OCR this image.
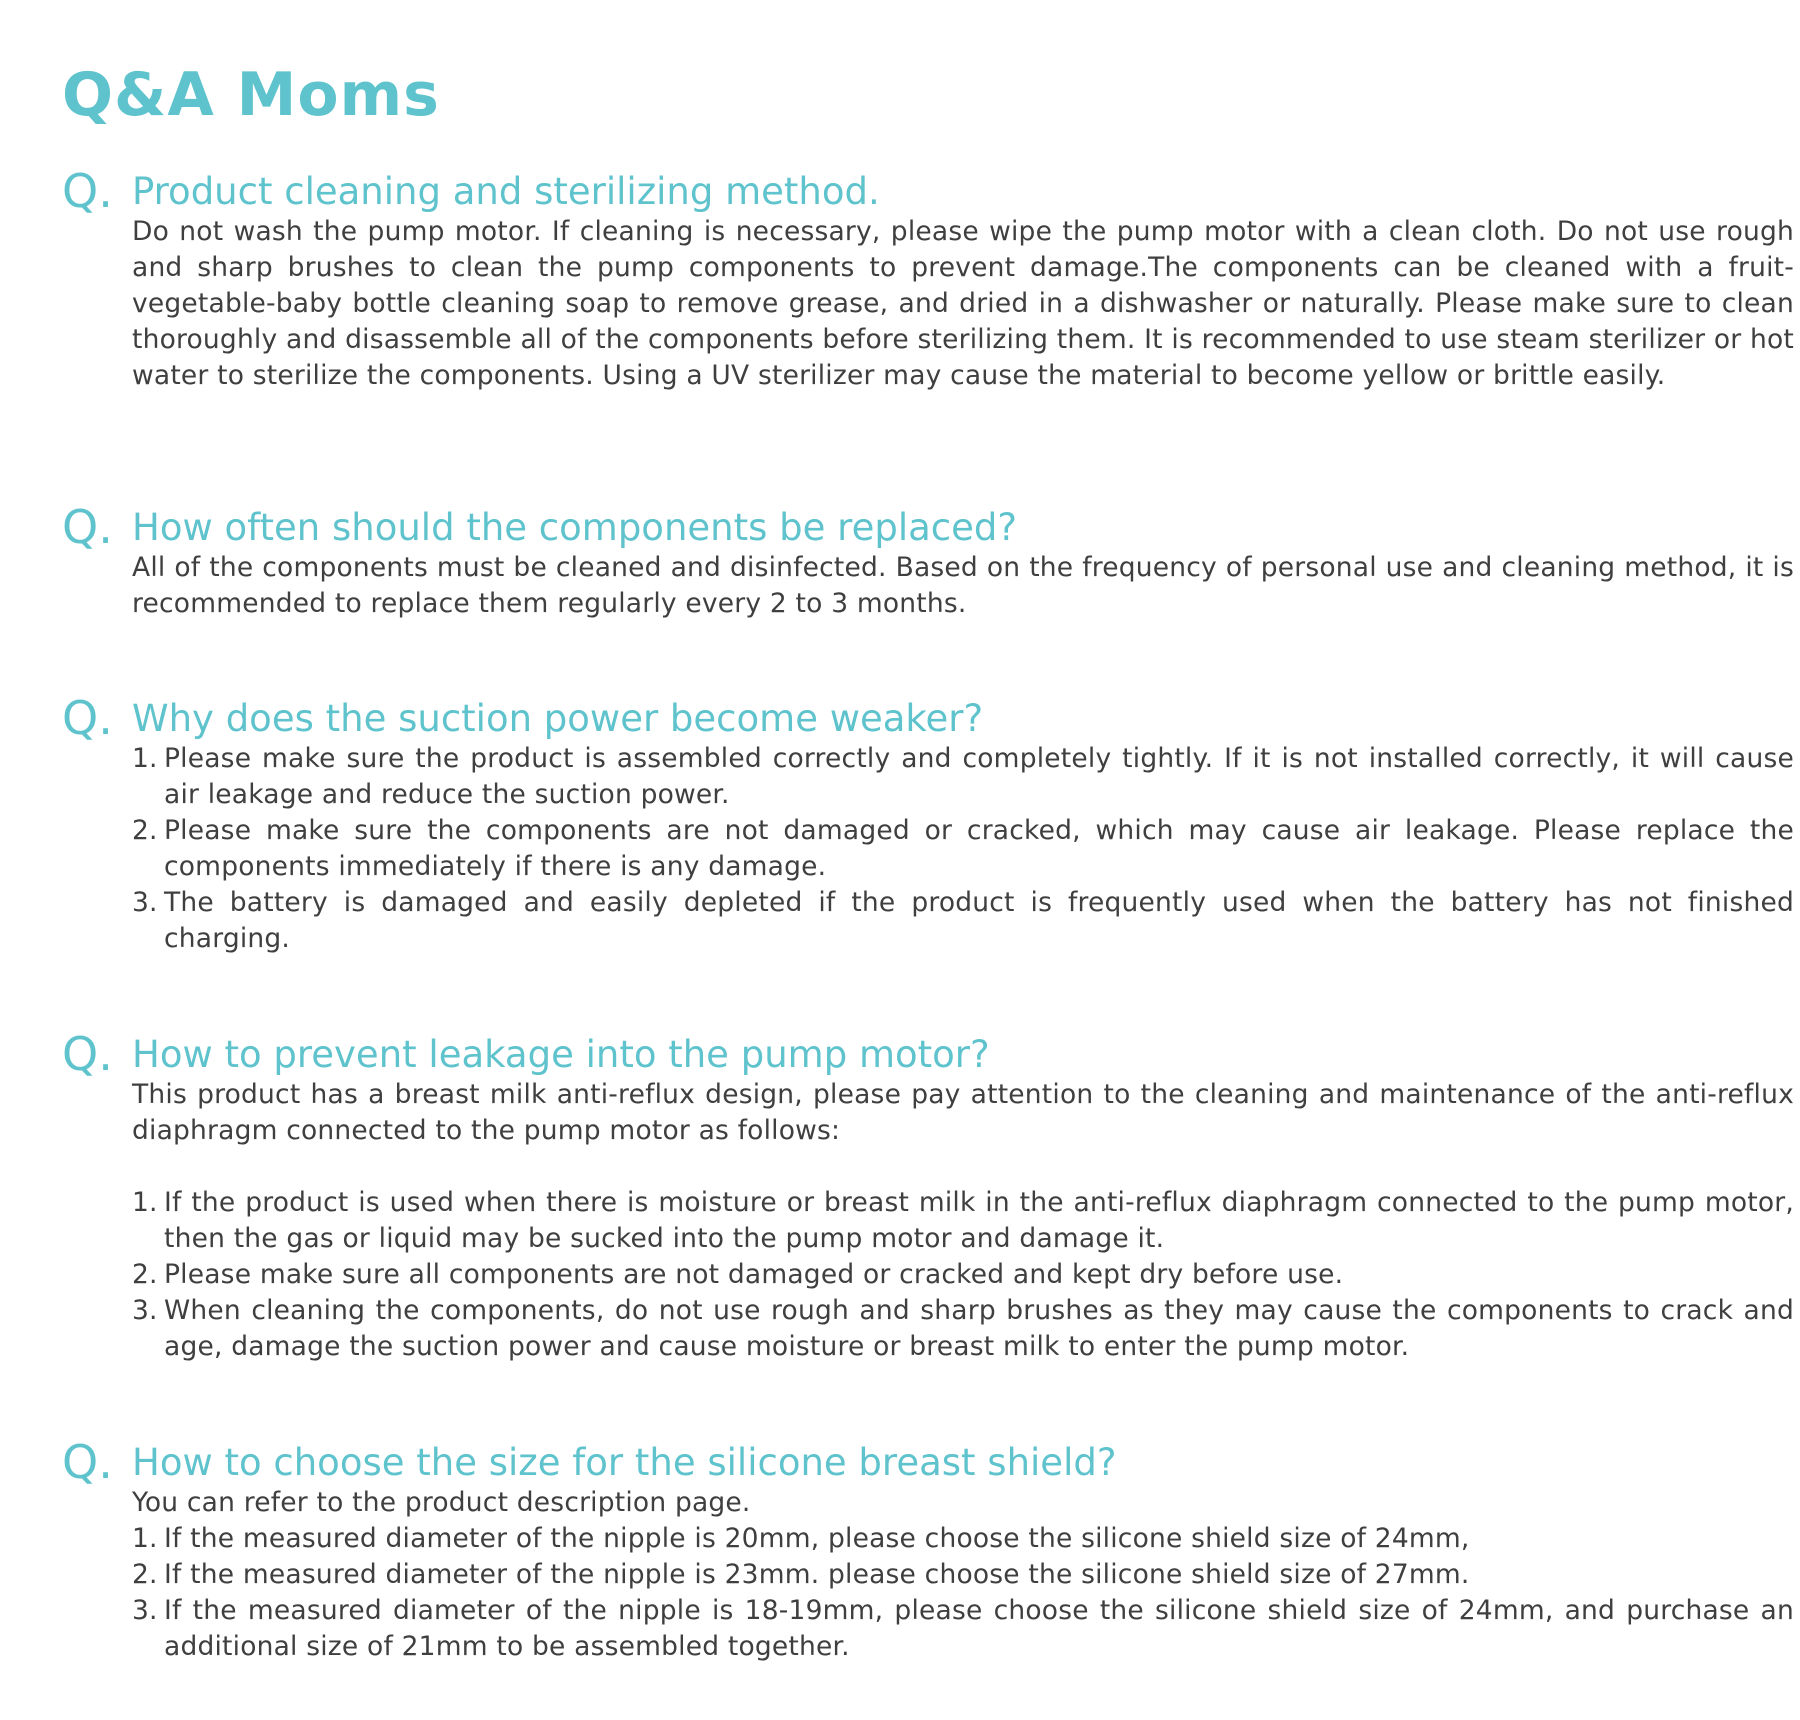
Q&A Moms
Q. Product cleaning and sterilizing method.
Do not wash the pump motor. If cleaning is necessary, please wipe the pump motor with a clean cloth. Do not use rough and sharp brushes to clean the pump components to prevent damage.The components can be cleaned with a fruit-vegetable-baby bottle cleaning soap to remove grease, and dried in a dishwasher or naturally. Please make sure to clean thoroughly and disassemble all of the components before sterilizing them. It is recommended to use steam sterilizer or hot water to sterilize the components. Using a UV sterilizer may cause the material to become yellow or brittle easily.
Q. How often should the components be replaced?
All of the components must be cleaned and disinfected. Based on the frequency of personal use and cleaning method, it is recommended to replace them regularly every 2 to 3 months.
Q. Why does the suction power become weaker?
1. Please make sure the product is assembled correctly and completely tightly. If it is not installed correctly, it will cause air leakage and reduce the suction power.
2. Please make sure the components are not damaged or cracked, which may cause air leakage. Please replace the components immediately if there is any damage.
3. The battery is damaged and easily depleted if the product is frequently used when the battery has not finished charging.
Q. How to prevent leakage into the pump motor?
This product has a breast milk anti-reflux design, please pay attention to the cleaning and maintenance of the anti-reflux diaphragm connected to the pump motor as follows:
1. If the product is used when there is moisture or breast milk in the anti-reflux diaphragm connected to the pump motor, then the gas or liquid may be sucked into the pump motor and damage it.
2. Please make sure all components are not damaged or cracked and kept dry before use.
3. When cleaning the components, do not use rough and sharp brushes as they may cause the components to crack and age, damage the suction power and cause moisture or breast milk to enter the pump motor.
Q. How to choose the size for the silicone breast shield?
You can refer to the product description page.
1. If the measured diameter of the nipple is 20mm, please choose the silicone shield size of 24mm,
2. If the measured diameter of the nipple is 23mm. please choose the silicone shield size of 27mm.
3. If the measured diameter of the nipple is 18-19mm, please choose the silicone shield size of 24mm, and purchase an additional size of 21mm to be assembled together.
